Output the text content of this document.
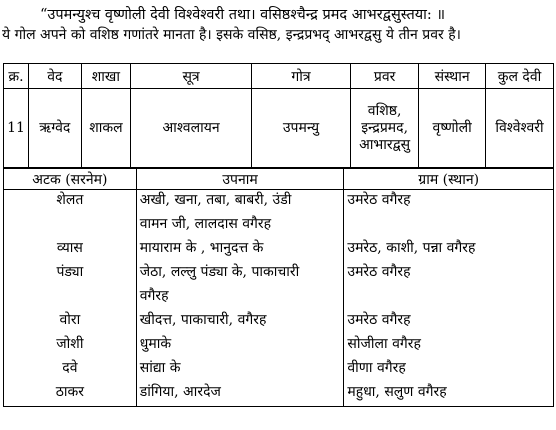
“उपमन्युश्च वृष्णोली देवी विश्वेश्वरी तथा। वसिष्ठश्चैन्द्र प्रमद आभरद्वसुस्तया: ॥
ये गोल अपने को वशिष्ठ गणांतरे मानता है। इसके वसिष्ठ, इन्द्रप्रभद् आभरद्वसु ये तीन प्रवर है।
क्र.	वेद	शाखा	सूत्र	गोत्र	प्रवर	संस्थान	कुल देवी
11	ऋग्वेद	शाकल	आश्वलायन	उपमन्यु	वशिष्ठ,
इन्द्रप्रमद,
आभारद्वसु	वृष्णोली	विश्वेश्वरी
अटक (सरनेम)	उपनाम	ग्राम (स्थान)
शेलत	अखी, खना, तबा, बाबरी, उंडी	उमरेठ वगैरह
	वामन जी, लालदास वगैरह	
व्यास	मायाराम के , भानुदत्त के	उमरेठ, काशी, पन्ना वगैरह
पंड्या	जेठा, लल्लु पंड्या के, पाकाचारी	उमरेठ वगैरह
	वगैरह	
वोरा	खीदत्त, पाकाचारी, वगैरह	उमरेठ वगैरह
जोशी	धुमाके	सोजीला वगैरह
दवे	सांद्या के	वीणा वगैरह
ठाकर	डांगिया, आरदेज	महुधा, सलुण वगैरह
